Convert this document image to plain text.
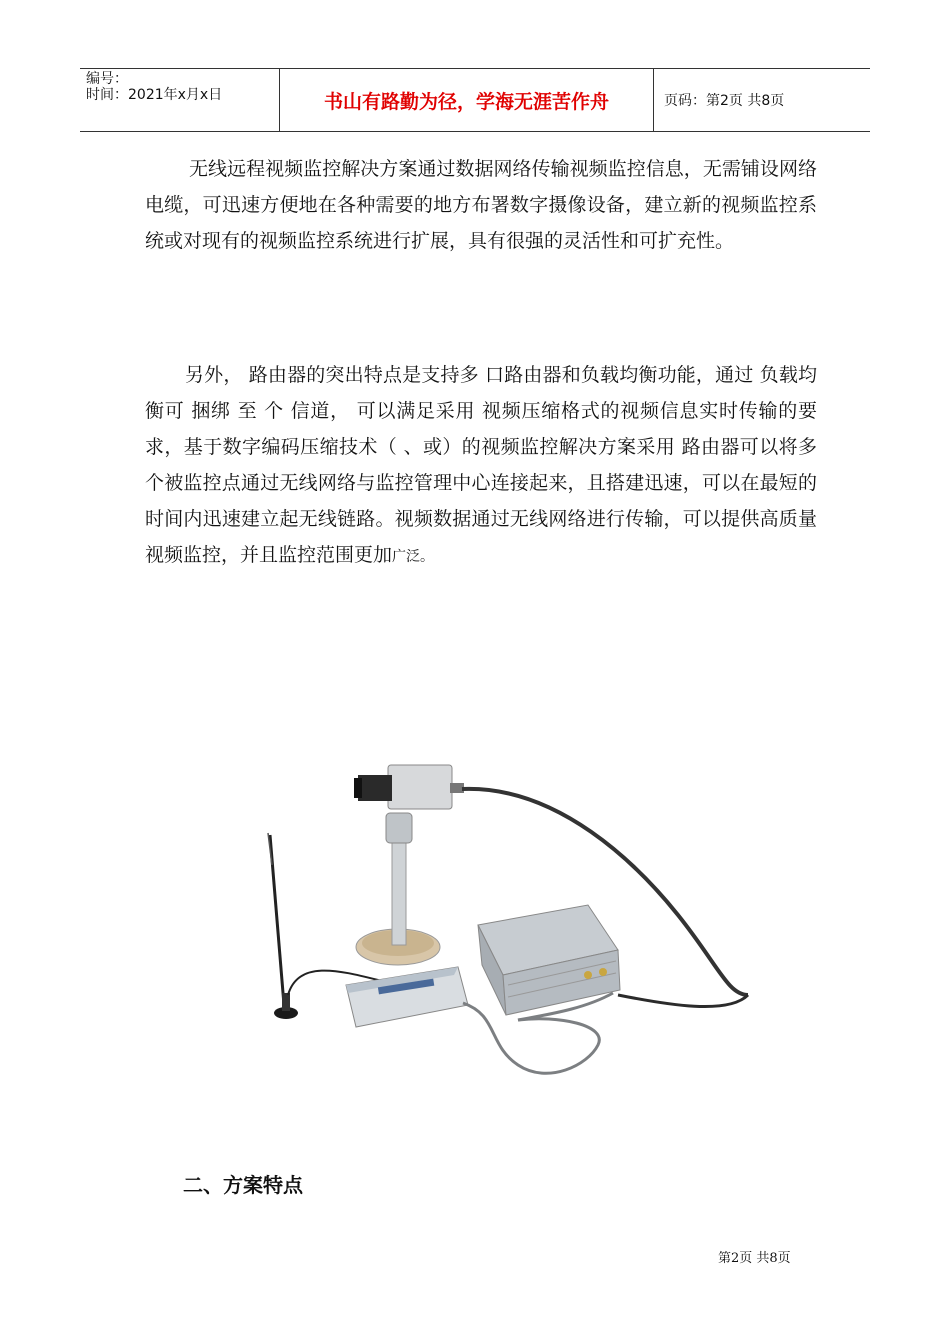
编号：
时间：2021年x月x日	书山有路勤为径，学海无涯苦作舟	页码：第2页 共8页

无线远程视频监控解决方案通过数据网络传输视频监控信息，无需铺设网络电缆，可迅速方便地在各种需要的地方布署数字摄像设备，建立新的视频监控系统或对现有的视频监控系统进行扩展，具有很强的灵活性和可扩充性。

另外， 路由器的突出特点是支持多 口路由器和负载均衡功能，通过 负载均衡可 捆绑 至 个 信道， 可以满足采用 视频压缩格式的视频信息实时传输的要求，基于数字编码压缩技术（ 、或）的视频监控解决方案采用 路由器可以将多个被监控点通过无线网络与监控管理中心连接起来，且搭建迅速，可以在最短的时间内迅速建立起无线链路。视频数据通过无线网络进行传输，可以提供高质量视频监控，并且监控范围更加广泛。

二、方案特点
第2页 共8页
